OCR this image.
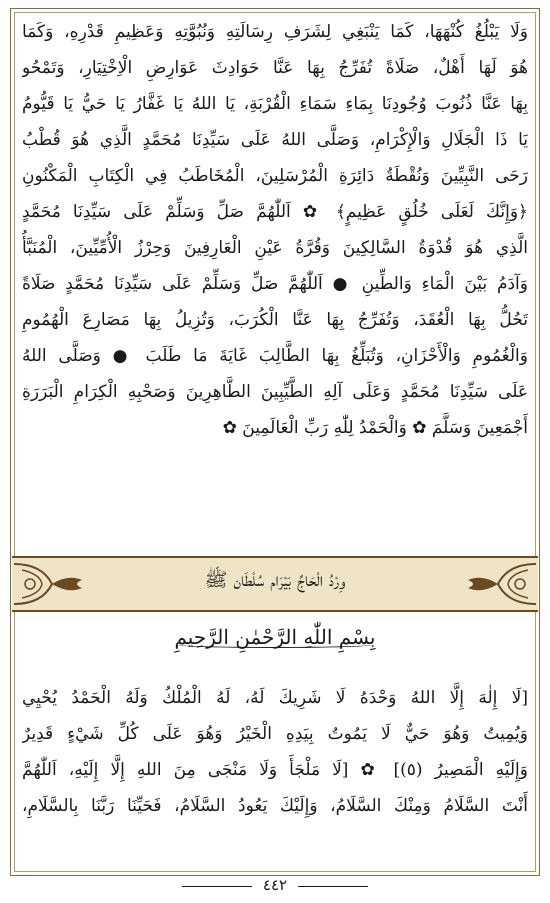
وَلَا يَبْلُغُ كُنْهَهَا، كَمَا يَنْبَغِي لِشَرَفِ رِسَالَتِهِ وَنُبُوَّتِهِ وَعَظِيمِ قَدْرِهِ، وَكَمَا
هُوَ لَهَا أَهْلٌ، صَلَاةً تُفَرِّجُ بِهَا عَنَّا حَوَادِثَ عَوَارِضِ الْاِخْتِيَارِ، وَتَمْحُو
بِهَا عَنَّا ذُنُوبَ وُجُودِنَا بِمَاءِ سَمَاءِ الْقُرْبَةِ، يَا اللهُ يَا غَفَّارُ يَا حَيُّ يَا قَيُّومُ
يَا ذَا الْجَلَالِ وَالْإِكْرَامِ، وَصَلَّى اللهُ عَلَى سَيِّدِنَا مُحَمَّدٍ الَّذِي هُوَ قُطْبُ
رَحَى النَّبِيِّينَ وَنُقْطَةُ دَائِرَةِ الْمُرْسَلِينَ، الْمُخَاطَبُ فِي الْكِتَابِ الْمَكْنُونِ
﴿وَإِنَّكَ لَعَلَى خُلُقٍ عَظِيمٍ﴾ ✿ اَللّٰهُمَّ صَلِّ وَسَلِّمْ عَلَى سَيِّدِنَا مُحَمَّدٍ
الَّذِي هُوَ قُدْوَةُ السَّالِكِينَ وَقُرَّةُ عَيْنِ الْعَارِفِينَ وَحِرْزُ الْأُمِّيِّينَ، الْمُنَبَّأُ
وَآدَمُ بَيْنَ الْمَاءِ وَالطِّينِ ● اَللّٰهُمَّ صَلِّ وَسَلِّمْ عَلَى سَيِّدِنَا مُحَمَّدٍ صَلَاةً
تَحُلُّ بِهَا الْعُقَدَ، وَتُفَرِّجُ بِهَا عَنَّا الْكُرَبَ، وَتُزِيلُ بِهَا مَصَارِعَ الْهُمُومِ
وَالْغُمُومِ وَالْأَحْزَانِ، وَتُبَلِّغُ بِهَا الطَّالِبَ غَايَةَ مَا طَلَبَ ● وَصَلَّى اللهُ
عَلَى سَيِّدِنَا مُحَمَّدٍ وَعَلَى آلِهِ الطَّيِّبِينَ الطَّاهِرِينَ وَصَحْبِهِ الْكِرَامِ الْبَرَرَةِ
أَجْمَعِينَ وَسَلَّمَ ✿ وَالْحَمْدُ لِلّٰهِ رَبِّ الْعَالَمِينَ ✿
وِرْدُ الْحَاجِّ بَيْرَام سُلْطَان ﷺ
بِسْمِ اللّٰهِ الرَّحْمٰنِ الرَّحِيمِ
[لَا إِلٰهَ إِلَّا اللهُ وَحْدَهُ لَا شَرِيكَ لَهُ، لَهُ الْمُلْكُ وَلَهُ الْحَمْدُ يُحْيِي
وَيُمِيتُ وَهُوَ حَيٌّ لَا يَمُوتُ بِيَدِهِ الْخَيْرُ وَهُوَ عَلَى كُلِّ شَيْءٍ قَدِيرٌ
وَإِلَيْهِ الْمَصِيرُ (٥)] ✿ [لَا مَلْجَأَ وَلَا مَنْجَى مِنَ اللهِ إِلَّا إِلَيْهِ، اَللّٰهُمَّ
أَنْتَ السَّلَامُ وَمِنْكَ السَّلَامُ، وَإِلَيْكَ يَعُودُ السَّلَامُ، فَحَيِّنَا رَبَّنَا بِالسَّلَامِ،
٤٤٢
